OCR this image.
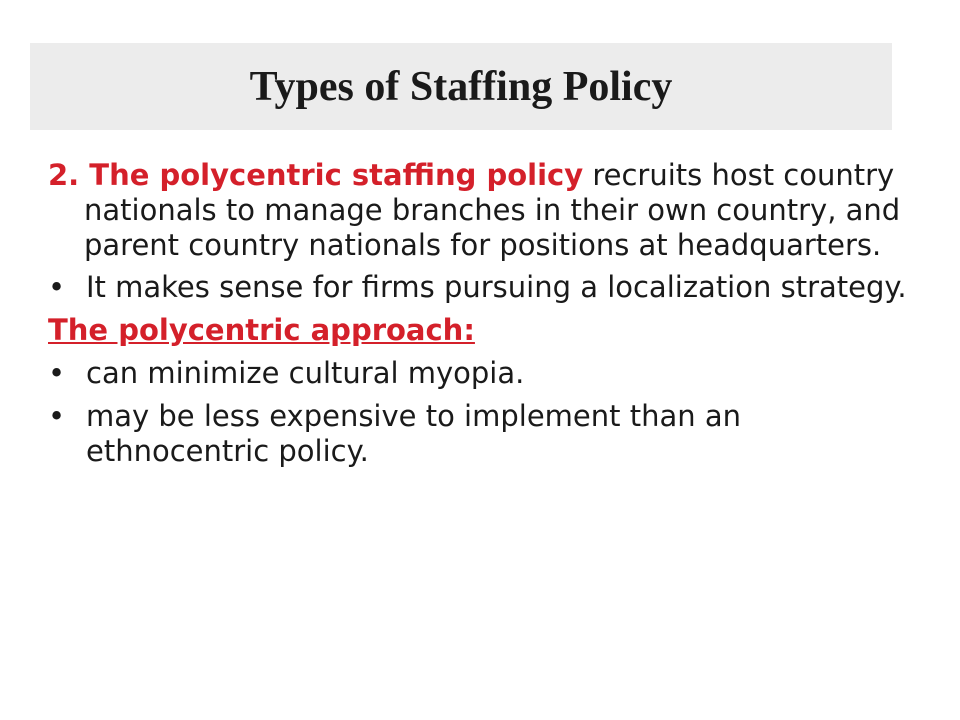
Types of Staffing Policy

2. The polycentric staffing policy recruits host country nationals to manage branches in their own country, and parent country nationals for positions at headquarters.

• It makes sense for firms pursuing a localization strategy.

The polycentric approach:

• can minimize cultural myopia.
• may be less expensive to implement than an ethnocentric policy.
